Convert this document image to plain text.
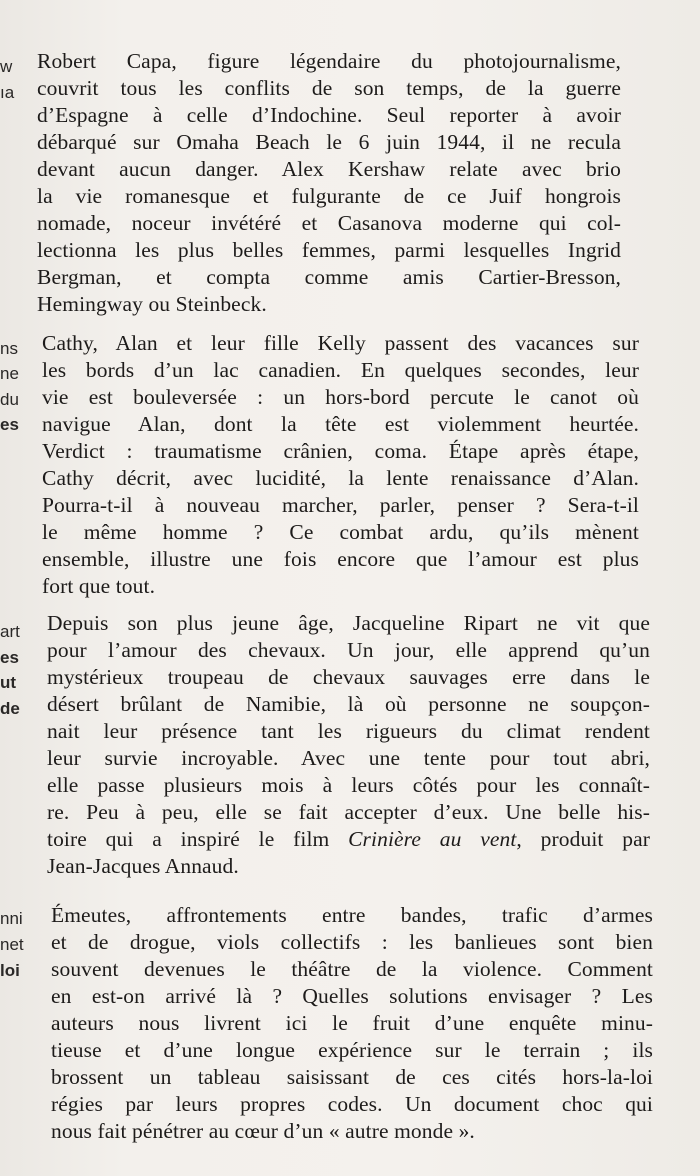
w
ıa
ns
ne
du
es
art
es
ut
de
nni
net
loi
Robert Capa, figure légendaire du photojournalisme,
couvrit tous les conflits de son temps, de la guerre
d’Espagne à celle d’Indochine. Seul reporter à avoir
débarqué sur Omaha Beach le 6 juin 1944, il ne recula
devant aucun danger. Alex Kershaw relate avec brio
la vie romanesque et fulgurante de ce Juif hongrois
nomade, noceur invétéré et Casanova moderne qui col-
lectionna les plus belles femmes, parmi lesquelles Ingrid
Bergman, et compta comme amis Cartier-Bresson,
Hemingway ou Steinbeck.
Cathy, Alan et leur fille Kelly passent des vacances sur
les bords d’un lac canadien. En quelques secondes, leur
vie est bouleversée : un hors-bord percute le canot où
navigue Alan, dont la tête est violemment heurtée.
Verdict : traumatisme crânien, coma. Étape après étape,
Cathy décrit, avec lucidité, la lente renaissance d’Alan.
Pourra-t-il à nouveau marcher, parler, penser ? Sera-t-il
le même homme ? Ce combat ardu, qu’ils mènent
ensemble, illustre une fois encore que l’amour est plus
fort que tout.
Depuis son plus jeune âge, Jacqueline Ripart ne vit que
pour l’amour des chevaux. Un jour, elle apprend qu’un
mystérieux troupeau de chevaux sauvages erre dans le
désert brûlant de Namibie, là où personne ne soupçon-
nait leur présence tant les rigueurs du climat rendent
leur survie incroyable. Avec une tente pour tout abri,
elle passe plusieurs mois à leurs côtés pour les connaît-
re. Peu à peu, elle se fait accepter d’eux. Une belle his-
toire qui a inspiré le film Crinière au vent, produit par
Jean-Jacques Annaud.
Émeutes, affrontements entre bandes, trafic d’armes
et de drogue, viols collectifs : les banlieues sont bien
souvent devenues le théâtre de la violence. Comment
en est-on arrivé là ? Quelles solutions envisager ? Les
auteurs nous livrent ici le fruit d’une enquête minu-
tieuse et d’une longue expérience sur le terrain ; ils
brossent un tableau saisissant de ces cités hors-la-loi
régies par leurs propres codes. Un document choc qui
nous fait pénétrer au cœur d’un « autre monde ».
